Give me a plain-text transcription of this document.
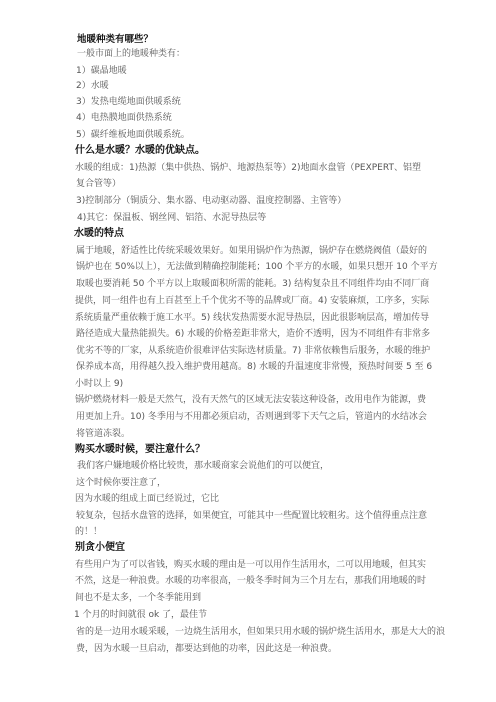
地暖种类有哪些？
一般市面上的地暖种类有：
1）碳晶地暖
2）水暖
3）发热电缆地面供暖系统
4）电热膜地面供热系统
5）碳纤维板地面供暖系统。
什么是水暖？水暖的优缺点。
水暖的组成：1)热源（集中供热、锅炉、地源热泵等）2)地面水盘管（PEXPERT、铝塑
复合管等）
3)控制部分（铜质分、集水器、电动驱动器、温度控制器、主管等）
4)其它：保温板、钢丝网、铝箔、水泥导热层等
水暖的特点
属于地暖，舒适性比传统采暖效果好。如果用锅炉作为热源，锅炉存在燃烧阀值（最好的
锅炉也在 50%以上），无法做到精确控制能耗；100 个平方的水暖，如果只想开 10 个平方
取暖也要消耗 50 个平方以上取暖面积所需的能耗。3) 结构复杂且不同组件均由不同厂商
提供，同一组件也有上百甚至上千个优劣不等的品牌或厂商。4) 安装麻烦，工序多，实际
系统质量严重依赖于施工水平。5) 线状发热需要水泥导热层，因此很影响层高，增加传导
路径造成大量热能损失。6) 水暖的价格差距非常大，造价不透明，因为不同组件有非常多
优劣不等的厂家，从系统造价很难评估实际选材质量。7) 非常依赖售后服务，水暖的维护
保养成本高，用得越久投入维护费用越高。8) 水暖的升温速度非常慢，预热时间要 5 至 6
小时以上 9)
锅炉燃烧材料一般是天然气，没有天然气的区域无法安装这种设备，改用电作为能源，费
用更加上升。10) 冬季用与不用都必须启动，否则遇到零下天气之后，管道内的水结冰会
将管道冻裂。
购买水暖时候，要注意什么？
我们客户嫌地暖价格比较贵，那水暖商家会说他们的可以便宜，
这个时候你要注意了，
因为水暖的组成上面已经说过，它比
较复杂，包括水盘管的选择，如果便宜，可能其中一些配置比较粗劣。这个值得重点注意
的！！
别贪小便宜
有些用户为了可以省钱，购买水暖的理由是一可以用作生活用水，二可以用地暖，但其实
不然，这是一种浪费。水暖的功率很高，一般冬季时间为三个月左右，那我们用地暖的时
间也不是太多，一个冬季能用到
1 个月的时间就很 ok 了，最佳节
省的是一边用水暖采暖，一边烧生活用水，但如果只用水暖的锅炉烧生活用水，那是大大的浪
费，因为水暖一旦启动，都要达到他的功率，因此这是一种浪费。
